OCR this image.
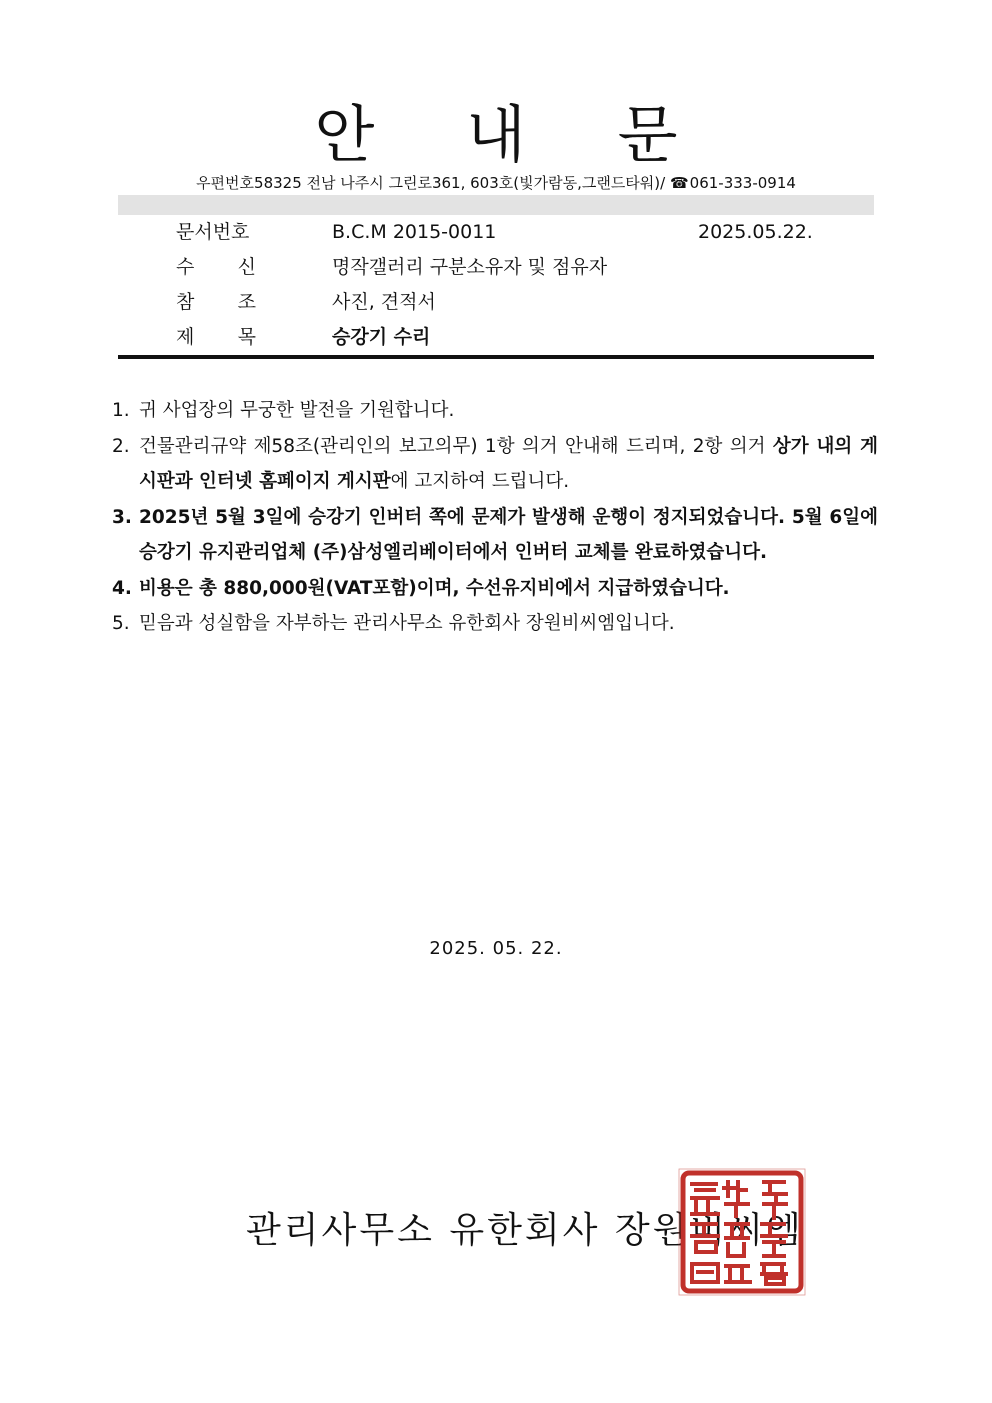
안 내 문
우편번호58325 전남 나주시 그린로361, 603호(빛가람동,그랜드타워)/ ☎061-333-0914
문서번호	B.C.M 2015-0011	2025.05.22.
수 신	명작갤러리 구분소유자 및 점유자
참 조	사진, 견적서
제 목	승강기 수리
1. 귀 사업장의 무궁한 발전을 기원합니다.
2. 건물관리규약 제58조(관리인의 보고의무) 1항 의거 안내해 드리며, 2항 의거 상가 내의 게시판과 인터넷 홈페이지 게시판에 고지하여 드립니다.
3. 2025년 5월 3일에 승강기 인버터 쪽에 문제가 발생해 운행이 정지되었습니다. 5월 6일에 승강기 유지관리업체 (주)삼성엘리베이터에서 인버터 교체를 완료하였습니다.
4. 비용은 총 880,000원(VAT포함)이며, 수선유지비에서 지급하였습니다.
5. 믿음과 성실함을 자부하는 관리사무소 유한회사 장원비씨엠입니다.
2025. 05. 22.
관리사무소 유한회사 장원비씨엠
